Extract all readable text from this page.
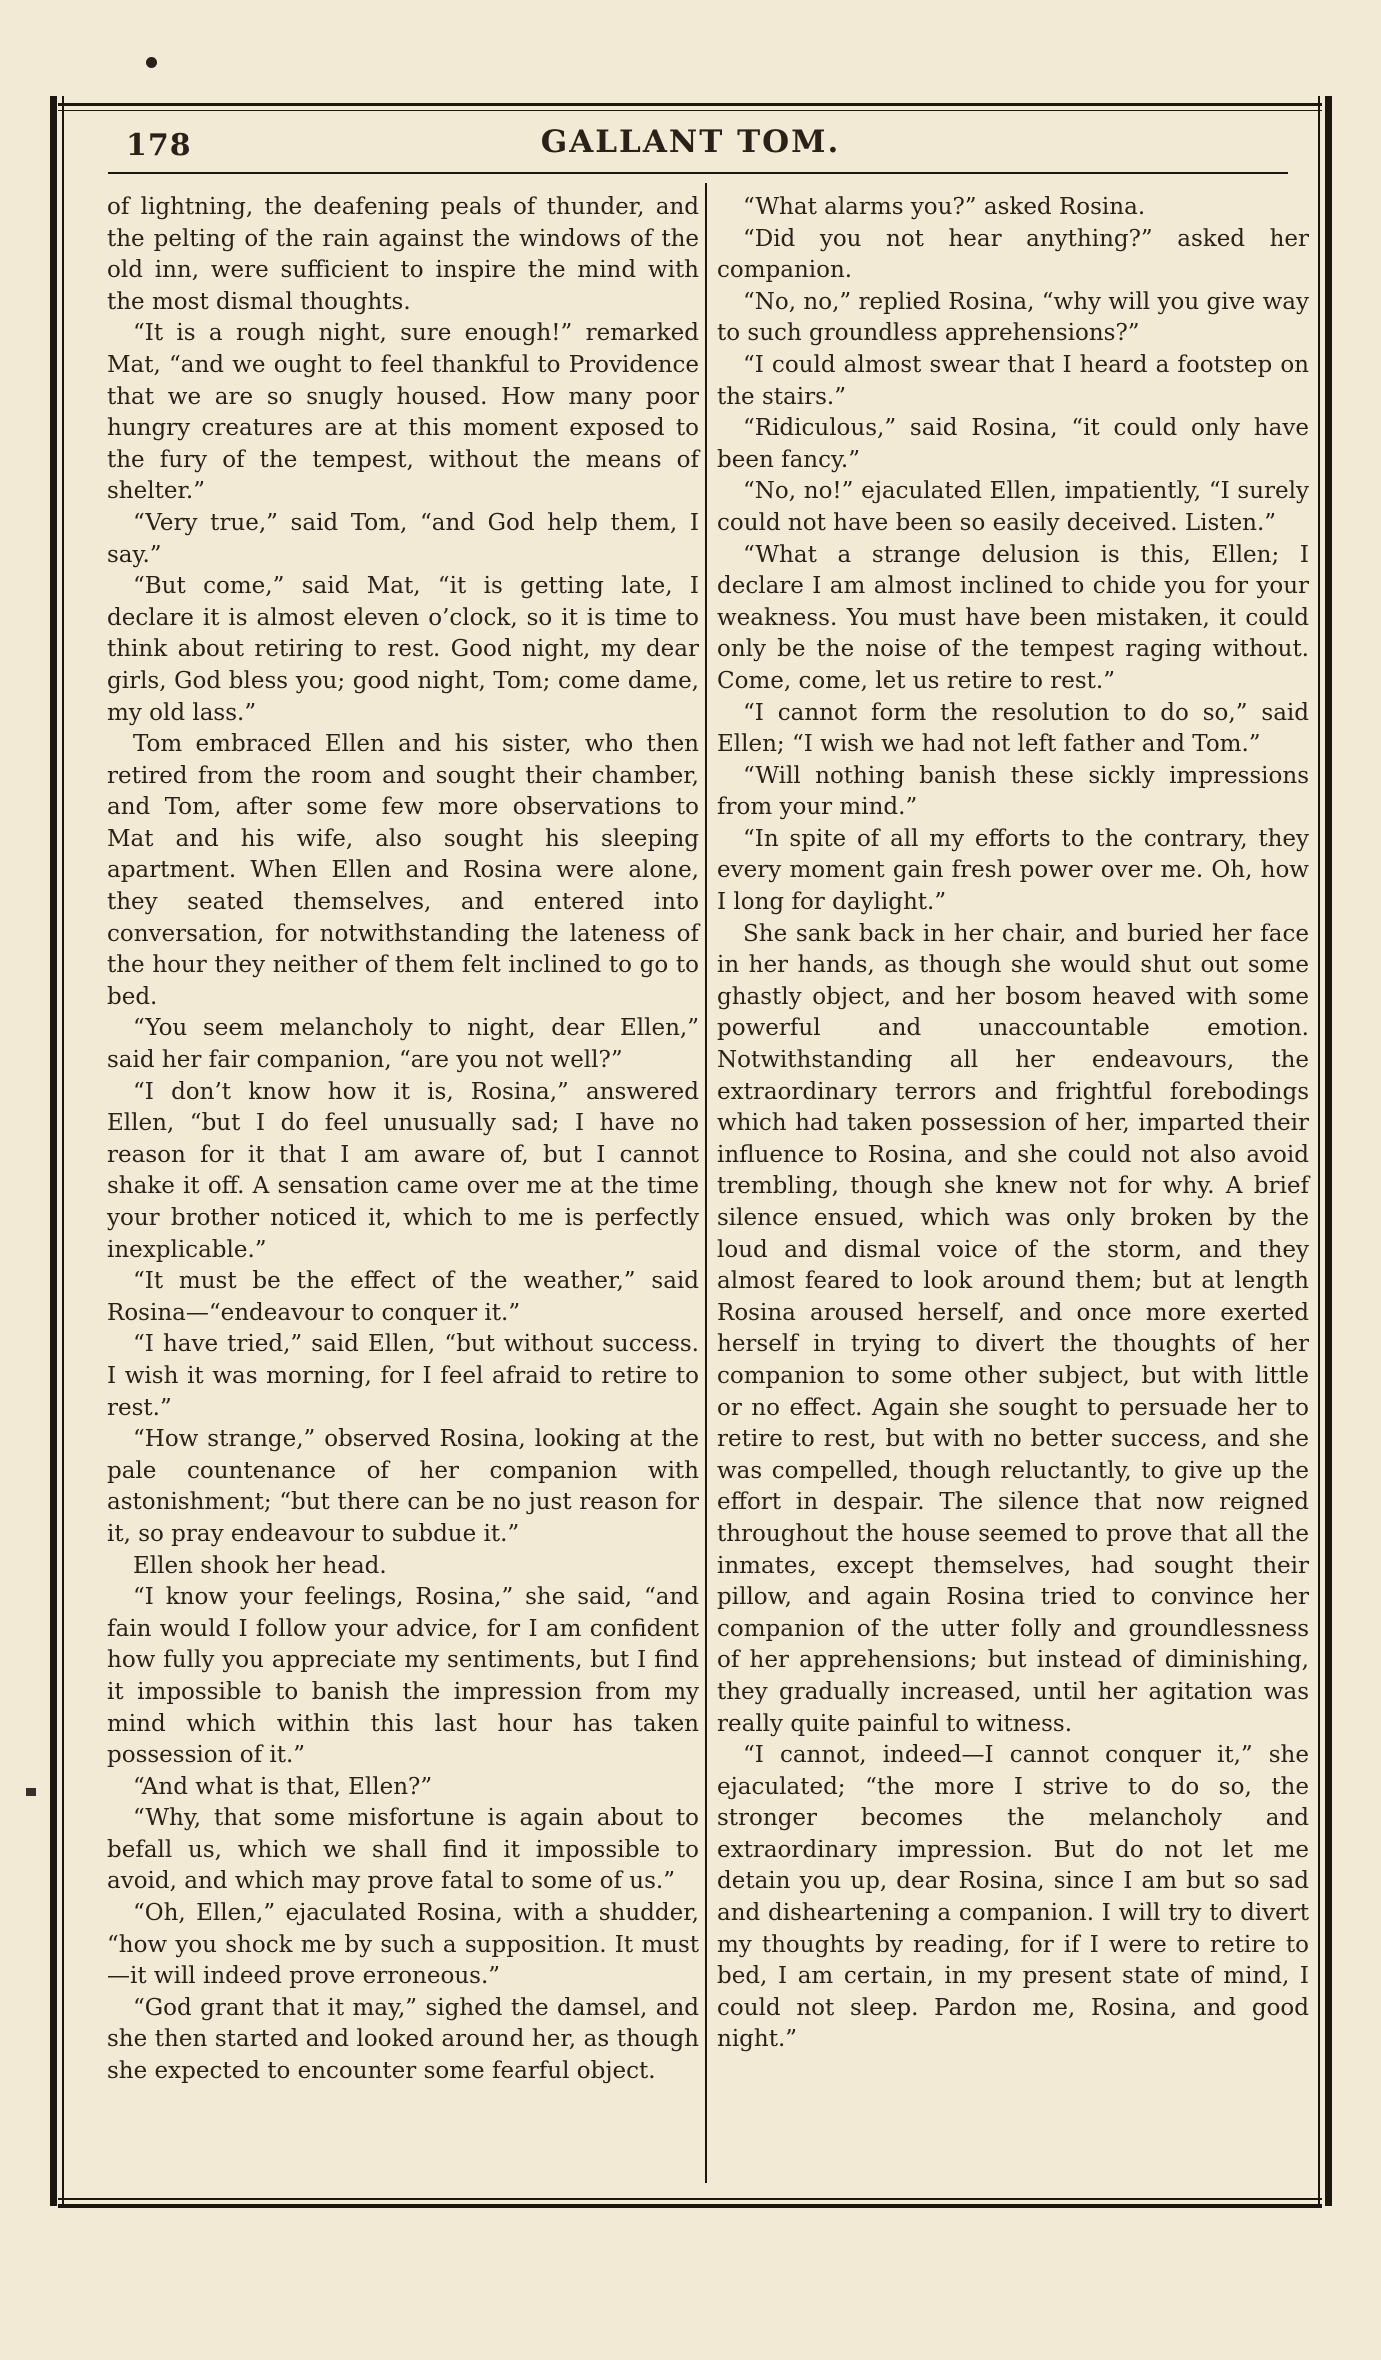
178	GALLANT TOM.

of lightning, the deafening peals of thunder, and the pelting of the rain against the windows of the old inn, were sufficient to inspire the mind with the most dismal thoughts.

“It is a rough night, sure enough!” remarked Mat, “and we ought to feel thankful to Providence that we are so snugly housed. How many poor hungry creatures are at this moment exposed to the fury of the tempest, without the means of shelter.”

“Very true,” said Tom, “and God help them, I say.”

“But come,” said Mat, “it is getting late, I declare it is almost eleven o’clock, so it is time to think about retiring to rest. Good night, my dear girls, God bless you; good night, Tom; come dame, my old lass.”

Tom embraced Ellen and his sister, who then retired from the room and sought their chamber, and Tom, after some few more observations to Mat and his wife, also sought his sleeping apartment. When Ellen and Rosina were alone, they seated themselves, and entered into conversation, for notwithstanding the lateness of the hour they neither of them felt inclined to go to bed.

“You seem melancholy to night, dear Ellen,” said her fair companion, “are you not well?”

“I don’t know how it is, Rosina,” answered Ellen, “but I do feel unusually sad; I have no reason for it that I am aware of, but I cannot shake it off. A sensation came over me at the time your brother noticed it, which to me is perfectly inexplicable.”

“It must be the effect of the weather,” said Rosina—“endeavour to conquer it.”

“I have tried,” said Ellen, “but without success. I wish it was morning, for I feel afraid to retire to rest.”

“How strange,” observed Rosina, looking at the pale countenance of her companion with astonishment; “but there can be no just reason for it, so pray endeavour to subdue it.”

Ellen shook her head.

“I know your feelings, Rosina,” she said, “and fain would I follow your advice, for I am confident how fully you appreciate my sentiments, but I find it impossible to banish the impression from my mind which within this last hour has taken possession of it.”

“And what is that, Ellen?”

“Why, that some misfortune is again about to befall us, which we shall find it impossible to avoid, and which may prove fatal to some of us.”

“Oh, Ellen,” ejaculated Rosina, with a shudder, “how you shock me by such a supposition. It must—it will indeed prove erroneous.”

“God grant that it may,” sighed the damsel, and she then started and looked around her, as though she expected to encounter some fearful object.

“What alarms you?” asked Rosina.

“Did you not hear anything?” asked her companion.

“No, no,” replied Rosina, “why will you give way to such groundless apprehensions?”

“I could almost swear that I heard a footstep on the stairs.”

“Ridiculous,” said Rosina, “it could only have been fancy.”

“No, no!” ejaculated Ellen, impatiently, “I surely could not have been so easily deceived. Listen.”

“What a strange delusion is this, Ellen; I declare I am almost inclined to chide you for your weakness. You must have been mistaken, it could only be the noise of the tempest raging without. Come, come, let us retire to rest.”

“I cannot form the resolution to do so,” said Ellen; “I wish we had not left father and Tom.”

“Will nothing banish these sickly impressions from your mind.”

“In spite of all my efforts to the contrary, they every moment gain fresh power over me. Oh, how I long for daylight.”

She sank back in her chair, and buried her face in her hands, as though she would shut out some ghastly object, and her bosom heaved with some powerful and unaccountable emotion. Notwithstanding all her endeavours, the extraordinary terrors and frightful forebodings which had taken possession of her, imparted their influence to Rosina, and she could not also avoid trembling, though she knew not for why. A brief silence ensued, which was only broken by the loud and dismal voice of the storm, and they almost feared to look around them; but at length Rosina aroused herself, and once more exerted herself in trying to divert the thoughts of her companion to some other subject, but with little or no effect. Again she sought to persuade her to retire to rest, but with no better success, and she was compelled, though reluctantly, to give up the effort in despair. The silence that now reigned throughout the house seemed to prove that all the inmates, except themselves, had sought their pillow, and again Rosina tried to convince her companion of the utter folly and groundlessness of her apprehensions; but instead of diminishing, they gradually increased, until her agitation was really quite painful to witness.

“I cannot, indeed—I cannot conquer it,” she ejaculated; “the more I strive to do so, the stronger becomes the melancholy and extraordinary impression. But do not let me detain you up, dear Rosina, since I am but so sad and disheartening a companion. I will try to divert my thoughts by reading, for if I were to retire to bed, I am certain, in my present state of mind, I could not sleep. Pardon me, Rosina, and good night.”
